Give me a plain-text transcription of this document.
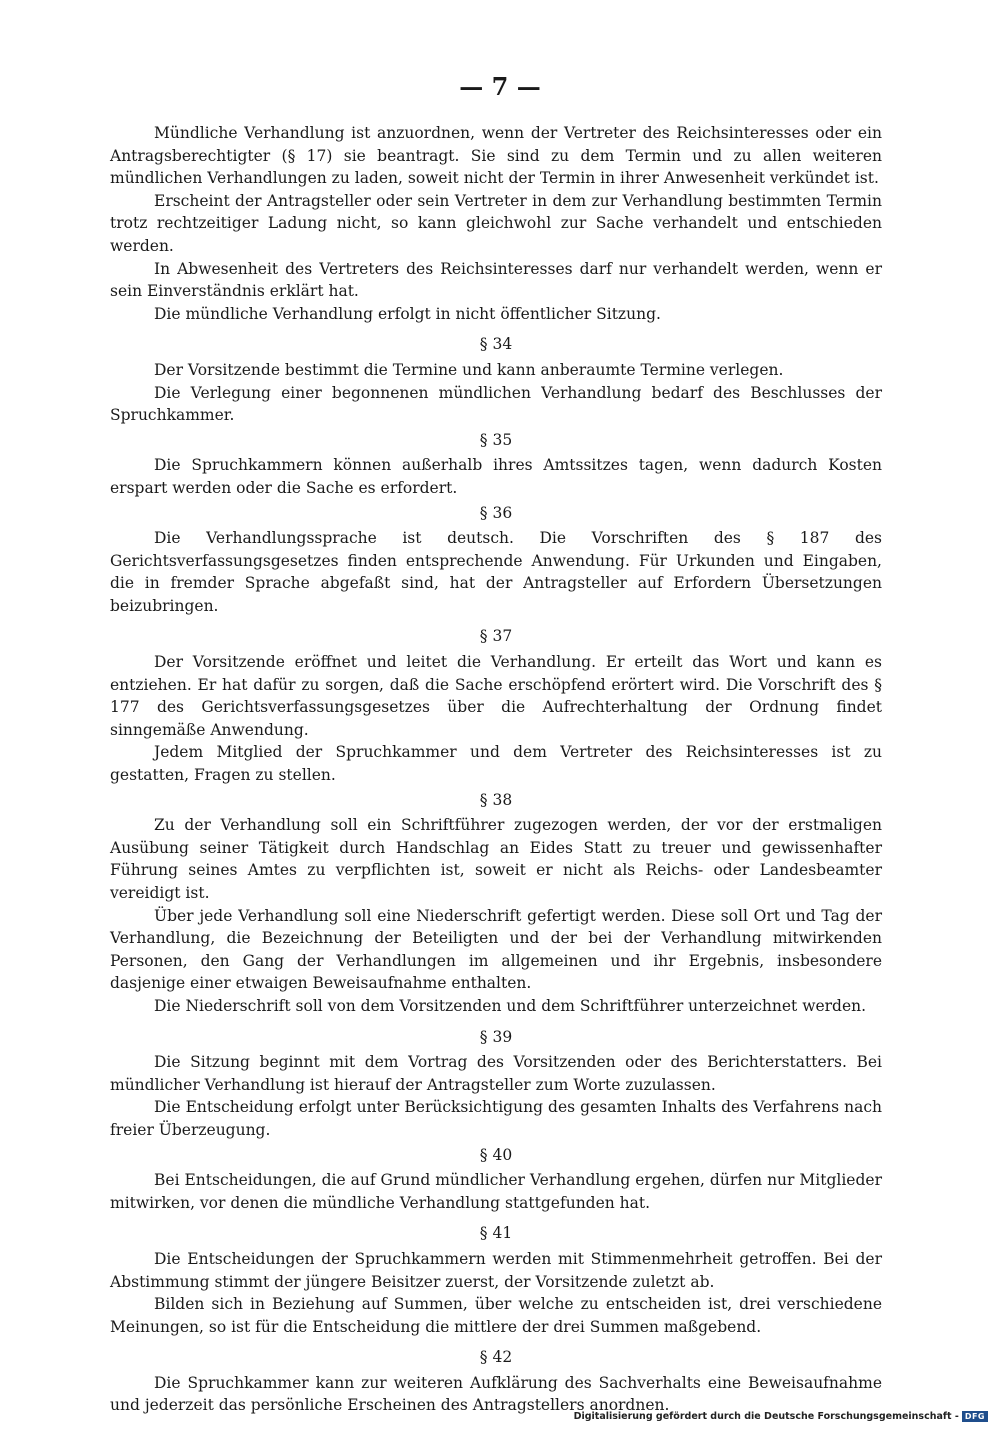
— 7 —

Mündliche Verhandlung ist anzuordnen, wenn der Vertreter des Reichsinteresses oder ein Antragsberechtigter (§ 17) sie beantragt. Sie sind zu dem Termin und zu allen weiteren mündlichen Verhandlungen zu laden, soweit nicht der Termin in ihrer Anwesenheit verkündet ist.

Erscheint der Antragsteller oder sein Vertreter in dem zur Verhandlung bestimmten Termin trotz rechtzeitiger Ladung nicht, so kann gleichwohl zur Sache verhandelt und entschieden werden.

In Abwesenheit des Vertreters des Reichsinteresses darf nur verhandelt werden, wenn er sein Einverständnis erklärt hat.

Die mündliche Verhandlung erfolgt in nicht öffentlicher Sitzung.

§ 34

Der Vorsitzende bestimmt die Termine und kann anberaumte Termine verlegen.

Die Verlegung einer begonnenen mündlichen Verhandlung bedarf des Beschlusses der Spruchkammer.

§ 35

Die Spruchkammern können außerhalb ihres Amtssitzes tagen, wenn dadurch Kosten erspart werden oder die Sache es erfordert.

§ 36

Die Verhandlungssprache ist deutsch. Die Vorschriften des § 187 des Gerichtsverfassungsgesetzes finden entsprechende Anwendung. Für Urkunden und Eingaben, die in fremder Sprache abgefaßt sind, hat der Antragsteller auf Erfordern Übersetzungen beizubringen.

§ 37

Der Vorsitzende eröffnet und leitet die Verhandlung. Er erteilt das Wort und kann es entziehen. Er hat dafür zu sorgen, daß die Sache erschöpfend erörtert wird. Die Vorschrift des § 177 des Gerichtsverfassungsgesetzes über die Aufrechterhaltung der Ordnung findet sinngemäße Anwendung.

Jedem Mitglied der Spruchkammer und dem Vertreter des Reichsinteresses ist zu gestatten, Fragen zu stellen.

§ 38

Zu der Verhandlung soll ein Schriftführer zugezogen werden, der vor der erstmaligen Ausübung seiner Tätigkeit durch Handschlag an Eides Statt zu treuer und gewissenhafter Führung seines Amtes zu verpflichten ist, soweit er nicht als Reichs- oder Landesbeamter vereidigt ist.

Über jede Verhandlung soll eine Niederschrift gefertigt werden. Diese soll Ort und Tag der Verhandlung, die Bezeichnung der Beteiligten und der bei der Verhandlung mitwirkenden Personen, den Gang der Verhandlungen im allgemeinen und ihr Ergebnis, insbesondere dasjenige einer etwaigen Beweisaufnahme enthalten.

Die Niederschrift soll von dem Vorsitzenden und dem Schriftführer unterzeichnet werden.

§ 39

Die Sitzung beginnt mit dem Vortrag des Vorsitzenden oder des Berichterstatters. Bei mündlicher Verhandlung ist hierauf der Antragsteller zum Worte zuzulassen.

Die Entscheidung erfolgt unter Berücksichtigung des gesamten Inhalts des Verfahrens nach freier Überzeugung.

§ 40

Bei Entscheidungen, die auf Grund mündlicher Verhandlung ergehen, dürfen nur Mitglieder mitwirken, vor denen die mündliche Verhandlung stattgefunden hat.

§ 41

Die Entscheidungen der Spruchkammern werden mit Stimmenmehrheit getroffen. Bei der Abstimmung stimmt der jüngere Beisitzer zuerst, der Vorsitzende zuletzt ab.

Bilden sich in Beziehung auf Summen, über welche zu entscheiden ist, drei verschiedene Meinungen, so ist für die Entscheidung die mittlere der drei Summen maßgebend.

§ 42

Die Spruchkammer kann zur weiteren Aufklärung des Sachverhalts eine Beweisaufnahme und jederzeit das persönliche Erscheinen des Antragstellers anordnen.

Digitalisierung gefördert durch die Deutsche Forschungsgemeinschaft - DFG
